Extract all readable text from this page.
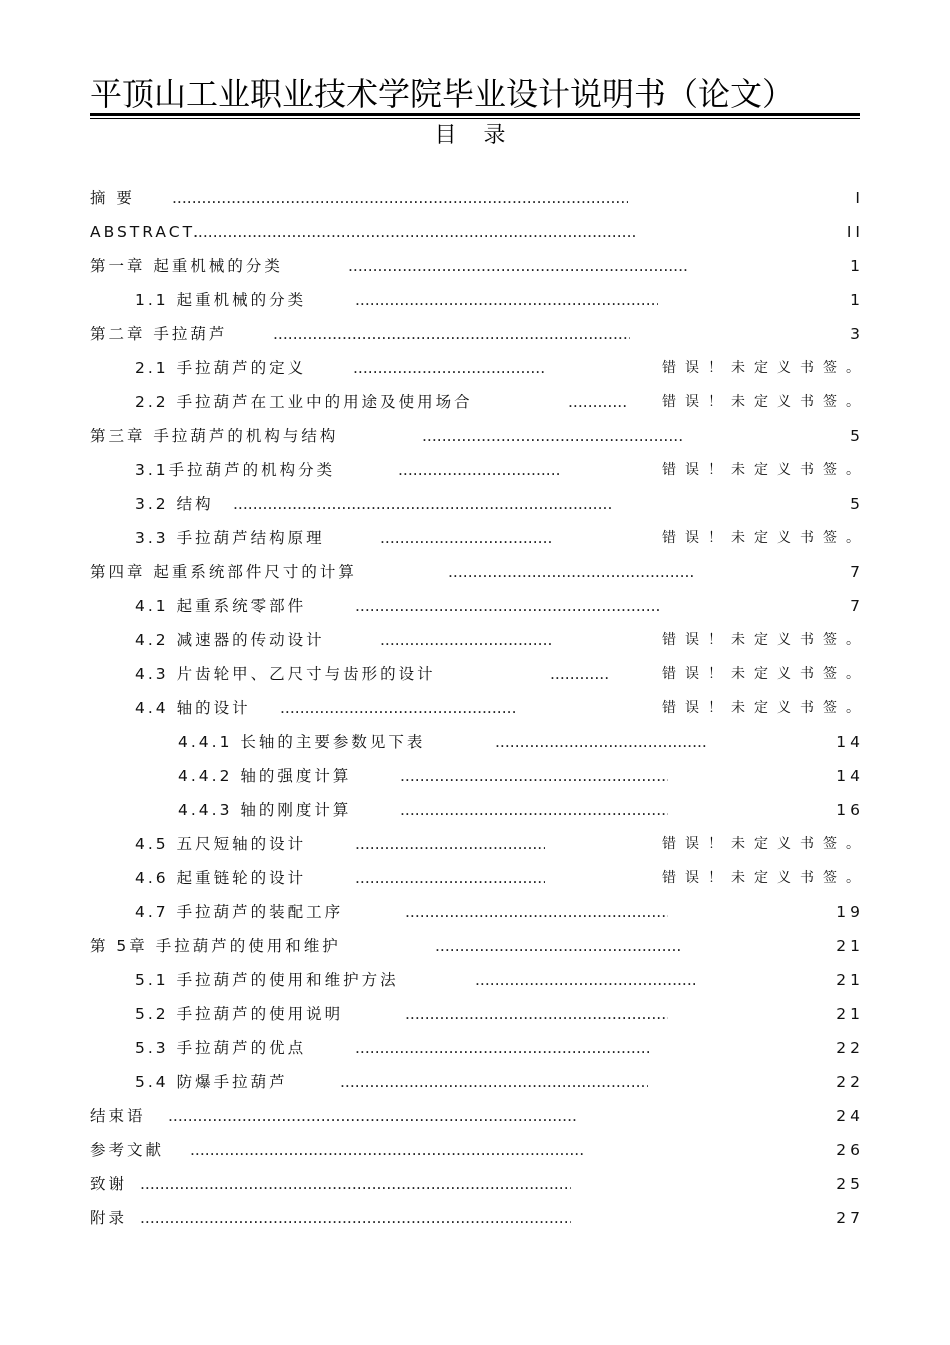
平顶山工业职业技术学院毕业设计说明书（论文）
目 录
摘 要 .....	I
ABSTRACT. .....	II
第一章 起重机械的分类 .....	1
1.1 起重机械的分类 .....	1
第二章 手拉葫芦 .....	3
2.1 手拉葫芦的定义 .....	错误！未定义书签。
2.2 手拉葫芦在工业中的用途及使用场合 .....	错误！未定义书签。
第三章 手拉葫芦的机构与结构 .....	5
3.1手拉葫芦的机构分类 .....	错误！未定义书签。
3.2 结构 .....	5
3.3 手拉葫芦结构原理 .....	错误！未定义书签。
第四章 起重系统部件尺寸的计算 .....	7
4.1 起重系统零部件 .....	7
4.2 减速器的传动设计 .....	错误！未定义书签。
4.3 片齿轮甲、乙尺寸与齿形的设计 .....	错误！未定义书签。
4.4 轴的设计 .....	错误！未定义书签。
4.4.1 长轴的主要参数见下表 .....	14
4.4.2 轴的强度计算 .....	14
4.4.3 轴的刚度计算 .....	16
4.5 五尺短轴的设计 .....	错误！未定义书签。
4.6 起重链轮的设计 .....	错误！未定义书签。
4.7 手拉葫芦的装配工序 .....	19
第 5章 手拉葫芦的使用和维护 .....	21
5.1 手拉葫芦的使用和维护方法 .....	21
5.2 手拉葫芦的使用说明 .....	21
5.3 手拉葫芦的优点 .....	22
5.4 防爆手拉葫芦 .....	22
结束语 .....	24
参考文献 .....	26
致谢 .....	25
附录 .....	27
